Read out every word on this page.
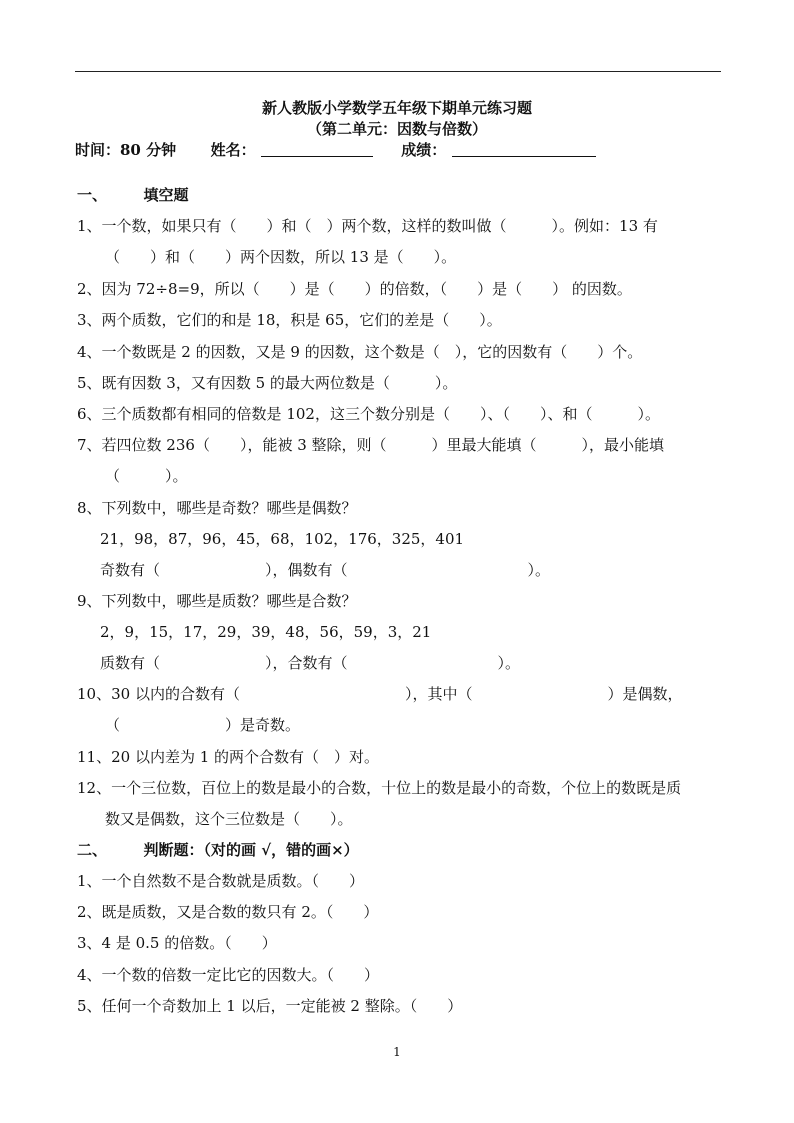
新人教版小学数学五年级下期单元练习题
（第二单元：因数与倍数）
时间：80 分钟 姓名：	成绩：
一、 填空题
1、一个数，如果只有（　　）和（　）两个数，这样的数叫做（　　　）。例如：13 有
（　　）和（　　）两个因数，所以 13 是（　　）。
2、因为 72÷8=9，所以（　　）是（　　）的倍数，（　　）是（　　） 的因数。
3、两个质数，它们的和是 18，积是 65，它们的差是（　　）。
4、一个数既是 2 的因数，又是 9 的因数，这个数是（　），它的因数有（　　）个。
5、既有因数 3，又有因数 5 的最大两位数是（　　　）。
6、三个质数都有相同的倍数是 102，这三个数分别是（　　）、（　　）、和（　　　）。
7、若四位数 236（　　），能被 3 整除，则（　　　）里最大能填（　　　），最小能填
（　　　）。
8、下列数中，哪些是奇数？哪些是偶数？
21，98，87，96，45，68，102，176，325，401
奇数有（　　　　　　　），偶数有（　　　　　　　　　　　　）。
9、下列数中，哪些是质数？哪些是合数？
2，9，15，17，29，39，48，56，59，3，21
质数有（　　　　　　　），合数有（　　　　　　　　　　）。
10、30 以内的合数有（　　　　　　　　　　　），其中（　　　　　　　　　）是偶数，
（　　　　　　　）是奇数。
11、20 以内差为 1 的两个合数有（　）对。
12、一个三位数，百位上的数是最小的合数，十位上的数是最小的奇数，个位上的数既是质
数又是偶数，这个三位数是（　　）。
二、 判断题：（对的画 √，错的画×）
1、一个自然数不是合数就是质数。（　　）
2、既是质数，又是合数的数只有 2。（　　）
3、4 是 0.5 的倍数。（　　）
4、一个数的倍数一定比它的因数大。（　　）
5、任何一个奇数加上 1 以后，一定能被 2 整除。（　　）
1
